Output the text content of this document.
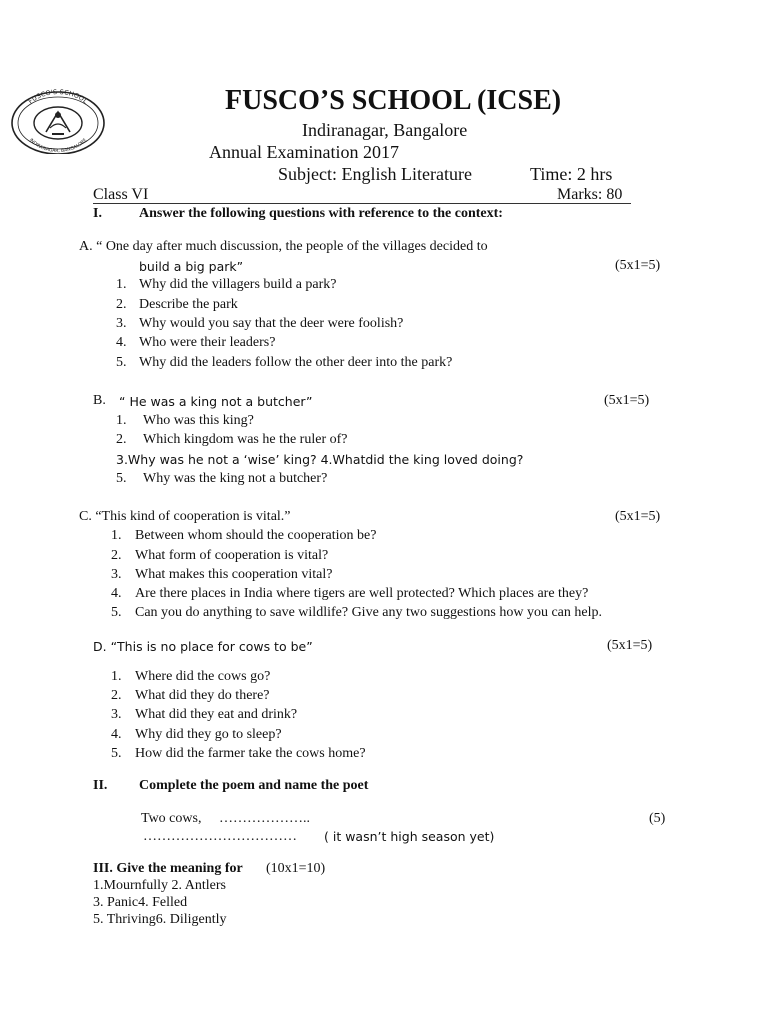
FUSCO'S SCHOOL
INDIRANAGAR, BANGALORE
FUSCO’S SCHOOL (ICSE)
Indiranagar, Bangalore
Annual Examination 2017
Subject: English Literature	Time: 2 hrs
Class VI	Marks: 80
I.	Answer the following questions with reference to the context:
A. “ One day after much discussion, the people of the villages decided to
build a big park”	(5x1=5)
1. Why did the villagers build a park?
2. Describe the park
3. Why would you say that the deer were foolish?
4. Who were their leaders?
5. Why did the leaders follow the other deer into the park?
B. “ He was a king not a butcher”	(5x1=5)
1. Who was this king?
2. Which kingdom was he the ruler of?
3.Why was he not a ‘wise’ king? 4.Whatdid the king loved doing?
5. Why was the king not a butcher?
C. “This kind of cooperation is vital.”	(5x1=5)
1. Between whom should the cooperation be?
2. What form of cooperation is vital?
3. What makes this cooperation vital?
4. Are there places in India where tigers are well protected? Which places are they?
5. Can you do anything to save wildlife? Give any two suggestions how you can help.
D. “This is no place for cows to be”	(5x1=5)
1. Where did the cows go?
2. What did they do there?
3. What did they eat and drink?
4. Why did they go to sleep?
5. How did the farmer take the cows home?
II. Complete the poem and name the poet
Two cows, ………………..	(5)
…………………………… ( it wasn’t high season yet)
III. Give the meaning for (10x1=10)
1.Mournfully 2. Antlers
3. Panic4. Felled
5. Thriving6. Diligently
